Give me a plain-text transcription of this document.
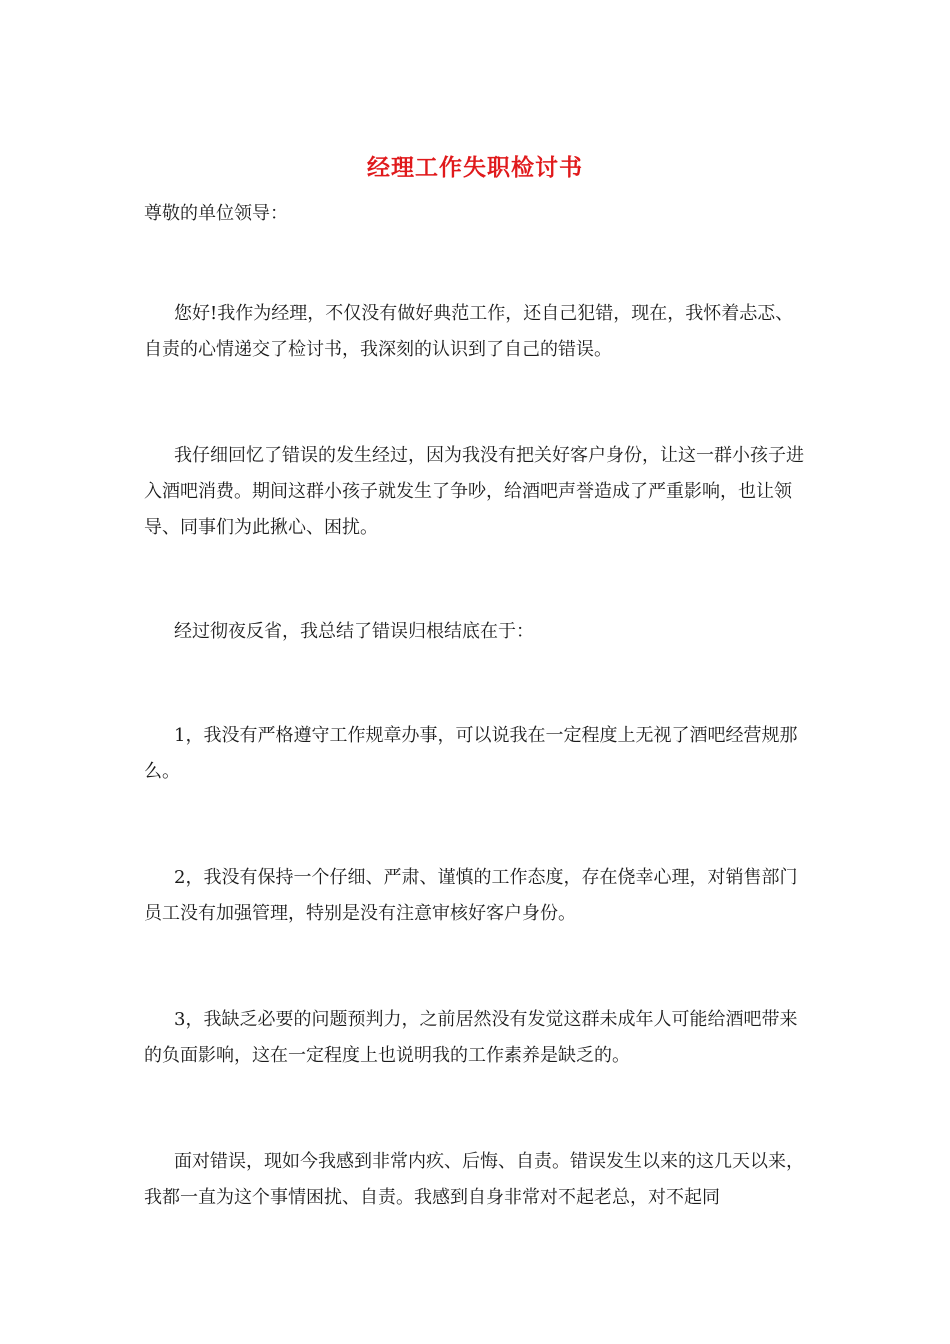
经理工作失职检讨书

尊敬的单位领导：

您好!我作为经理，不仅没有做好典范工作，还自己犯错，现在，我怀着忐忑、自责的心情递交了检讨书，我深刻的认识到了自己的错误。

我仔细回忆了错误的发生经过，因为我没有把关好客户身份，让这一群小孩子进入酒吧消费。期间这群小孩子就发生了争吵，给酒吧声誉造成了严重影响，也让领导、同事们为此揪心、困扰。

经过彻夜反省，我总结了错误归根结底在于：

1，我没有严格遵守工作规章办事，可以说我在一定程度上无视了酒吧经营规那么。

2，我没有保持一个仔细、严肃、谨慎的工作态度，存在侥幸心理，对销售部门员工没有加强管理，特别是没有注意审核好客户身份。

3，我缺乏必要的问题预判力，之前居然没有发觉这群未成年人可能给酒吧带来的负面影响，这在一定程度上也说明我的工作素养是缺乏的。

面对错误，现如今我感到非常内疚、后悔、自责。错误发生以来的这几天以来，我都一直为这个事情困扰、自责。我感到自身非常对不起老总，对不起同
